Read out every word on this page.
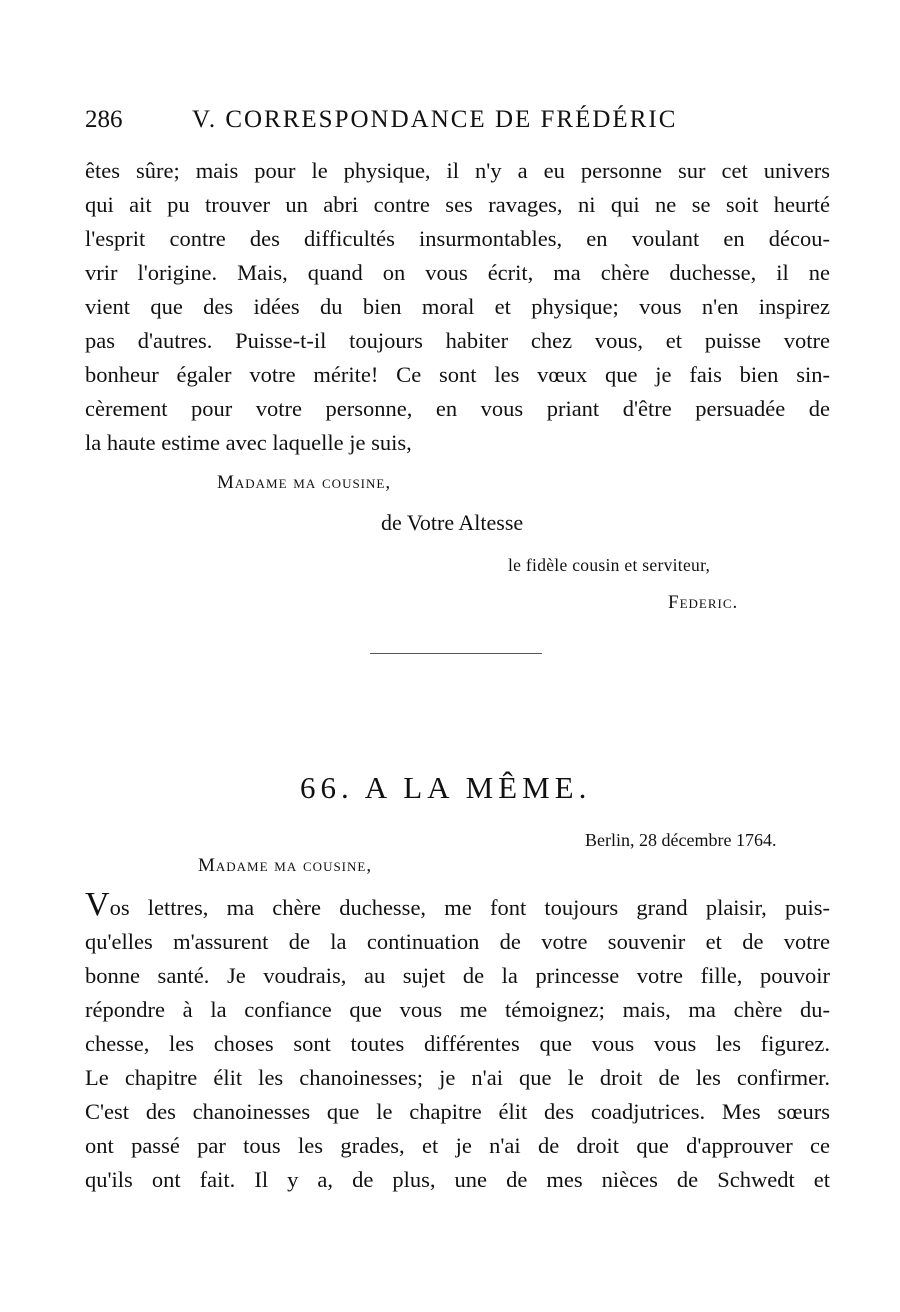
286	V. CORRESPONDANCE DE FRÉDÉRIC
êtes sûre; mais pour le physique, il n'y a eu personne sur cet univers
qui ait pu trouver un abri contre ses ravages, ni qui ne se soit heurté
l'esprit contre des difficultés insurmontables, en voulant en décou-
vrir l'origine. Mais, quand on vous écrit, ma chère duchesse, il ne
vient que des idées du bien moral et physique; vous n'en inspirez
pas d'autres. Puisse-t-il toujours habiter chez vous, et puisse votre
bonheur égaler votre mérite! Ce sont les vœux que je fais bien sin-
cèrement pour votre personne, en vous priant d'être persuadée de
la haute estime avec laquelle je suis,
Madame ma cousine,
de Votre Altesse
le fidèle cousin et serviteur,
Federic.
66. A LA MÊME.
Berlin, 28 décembre 1764.
Madame ma cousine,
Vos lettres, ma chère duchesse, me font toujours grand plaisir, puis-
qu'elles m'assurent de la continuation de votre souvenir et de votre
bonne santé. Je voudrais, au sujet de la princesse votre fille, pouvoir
répondre à la confiance que vous me témoignez; mais, ma chère du-
chesse, les choses sont toutes différentes que vous vous les figurez.
Le chapitre élit les chanoinesses; je n'ai que le droit de les confirmer.
C'est des chanoinesses que le chapitre élit des coadjutrices. Mes sœurs
ont passé par tous les grades, et je n'ai de droit que d'approuver ce
qu'ils ont fait. Il y a, de plus, une de mes nièces de Schwedt et
